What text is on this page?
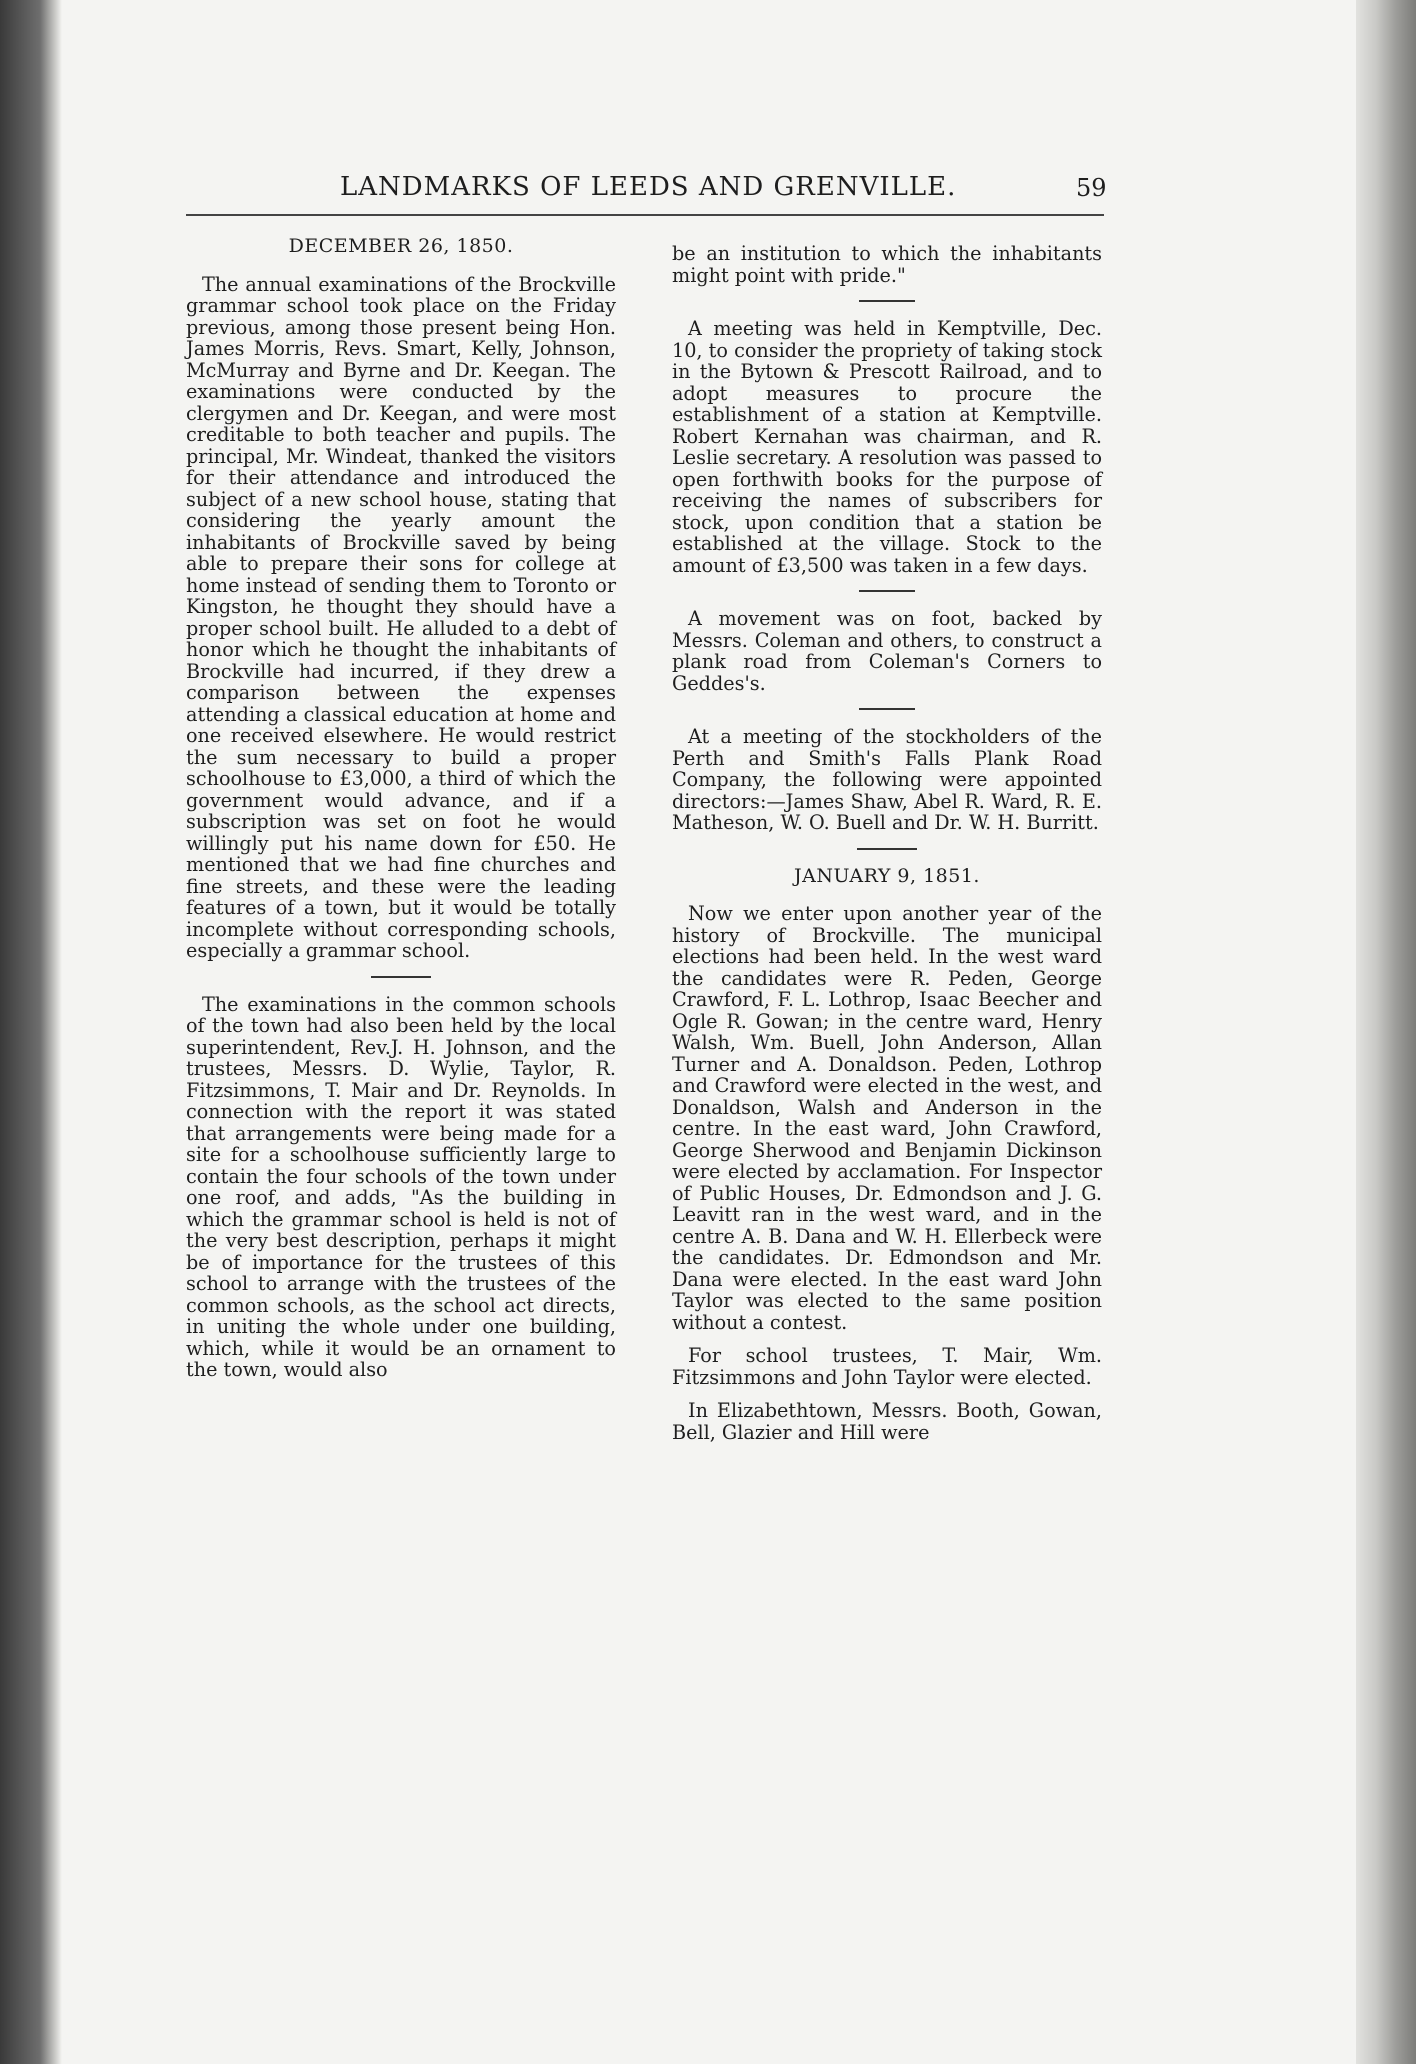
LANDMARKS OF LEEDS AND GRENVILLE.	59
DECEMBER 26, 1850.

The annual examinations of the Brockville grammar school took place on the Friday previous, among those present being Hon. James Morris, Revs. Smart, Kelly, Johnson, McMurray and Byrne and Dr. Keegan. The examinations were conducted by the clergymen and Dr. Keegan, and were most creditable to both teacher and pupils. The principal, Mr. Windeat, thanked the visitors for their attendance and introduced the subject of a new school house, stating that considering the yearly amount the inhabitants of Brockville saved by being able to prepare their sons for college at home instead of sending them to Toronto or Kingston, he thought they should have a proper school built. He alluded to a debt of honor which he thought the inhabitants of Brockville had incurred, if they drew a comparison between the expenses attending a classical education at home and one received elsewhere. He would restrict the sum necessary to build a proper schoolhouse to £3,000, a third of which the government would advance, and if a subscription was set on foot he would willingly put his name down for £50. He mentioned that we had fine churches and fine streets, and these were the leading features of a town, but it would be totally incomplete without corresponding schools, especially a grammar school.

The examinations in the common schools of the town had also been held by the local superintendent, Rev.J. H. Johnson, and the trustees, Messrs. D. Wylie, Taylor, R. Fitzsimmons, T. Mair and Dr. Reynolds. In connection with the report it was stated that arrangements were being made for a site for a schoolhouse sufficiently large to contain the four schools of the town under one roof, and adds, "As the building in which the grammar school is held is not of the very best description, perhaps it might be of importance for the trustees of this school to arrange with the trustees of the common schools, as the school act directs, in uniting the whole under one building, which, while it would be an ornament to the town, would also

be an institution to which the inhabitants might point with pride."

A meeting was held in Kemptville, Dec. 10, to consider the propriety of taking stock in the Bytown & Prescott Railroad, and to adopt measures to procure the establishment of a station at Kemptville. Robert Kernahan was chairman, and R. Leslie secretary. A resolution was passed to open forthwith books for the purpose of receiving the names of subscribers for stock, upon condition that a station be established at the village. Stock to the amount of £3,500 was taken in a few days.

A movement was on foot, backed by Messrs. Coleman and others, to construct a plank road from Coleman's Corners to Geddes's.

At a meeting of the stockholders of the Perth and Smith's Falls Plank Road Company, the following were appointed directors:—James Shaw, Abel R. Ward, R. E. Matheson, W. O. Buell and Dr. W. H. Burritt.

JANUARY 9, 1851.

Now we enter upon another year of the history of Brockville. The municipal elections had been held. In the west ward the candidates were R. Peden, George Crawford, F. L. Lothrop, Isaac Beecher and Ogle R. Gowan; in the centre ward, Henry Walsh, Wm. Buell, John Anderson, Allan Turner and A. Donaldson. Peden, Lothrop and Crawford were elected in the west, and Donaldson, Walsh and Anderson in the centre. In the east ward, John Crawford, George Sherwood and Benjamin Dickinson were elected by acclamation. For Inspector of Public Houses, Dr. Edmondson and J. G. Leavitt ran in the west ward, and in the centre A. B. Dana and W. H. Ellerbeck were the candidates. Dr. Edmondson and Mr. Dana were elected. In the east ward John Taylor was elected to the same position without a contest.

For school trustees, T. Mair, Wm. Fitzsimmons and John Taylor were elected.

In Elizabethtown, Messrs. Booth, Gowan, Bell, Glazier and Hill were
